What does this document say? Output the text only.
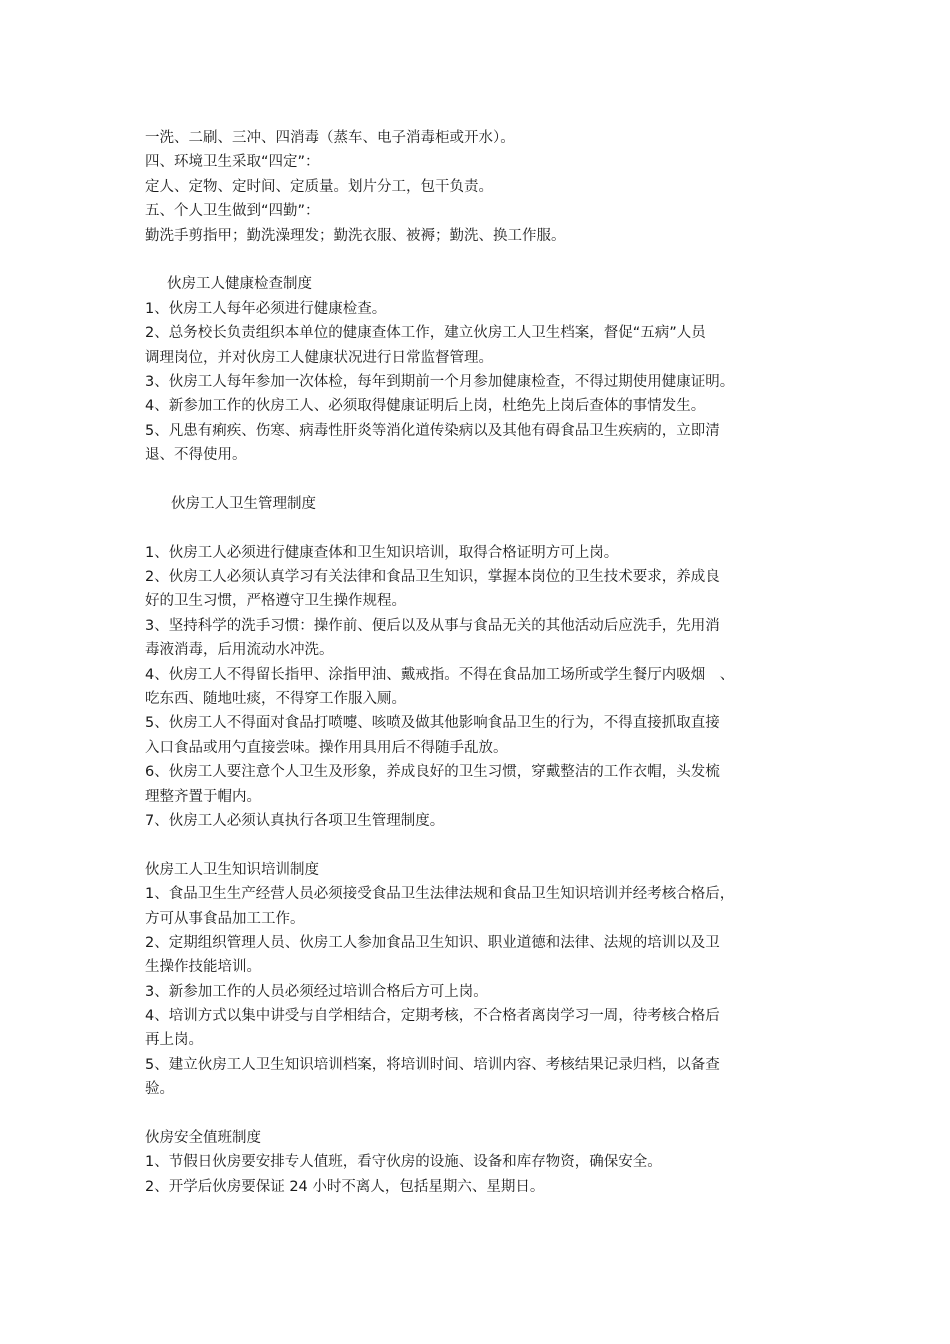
一洗、二刷、三冲、四消毒（蒸车、电子消毒柜或开水）。

四、环境卫生采取“四定”：

定人、定物、定时间、定质量。划片分工，包干负责。

五、个人卫生做到“四勤”：

勤洗手剪指甲；勤洗澡理发；勤洗衣服、被褥；勤洗、换工作服。

伙房工人健康检查制度

1、伙房工人每年必须进行健康检查。

2、总务校长负责组织本单位的健康查体工作，建立伙房工人卫生档案，督促“五病”人员

调理岗位，并对伙房工人健康状况进行日常监督管理。

3、伙房工人每年参加一次体检，每年到期前一个月参加健康检查，不得过期使用健康证明。

4、新参加工作的伙房工人、必须取得健康证明后上岗，杜绝先上岗后查体的事情发生。

5、凡患有痢疾、伤寒、病毒性肝炎等消化道传染病以及其他有碍食品卫生疾病的，立即清

退、不得使用。

伙房工人卫生管理制度

1、伙房工人必须进行健康查体和卫生知识培训，取得合格证明方可上岗。

2、伙房工人必须认真学习有关法律和食品卫生知识，掌握本岗位的卫生技术要求，养成良

好的卫生习惯，严格遵守卫生操作规程。

3、坚持科学的洗手习惯：操作前、便后以及从事与食品无关的其他活动后应洗手，先用消

毒液消毒，后用流动水冲洗。

4、伙房工人不得留长指甲、涂指甲油、戴戒指。不得在食品加工场所或学生餐厅内吸烟　、

吃东西、随地吐痰，不得穿工作服入厕。

5、伙房工人不得面对食品打喷嚏、咳喷及做其他影响食品卫生的行为，不得直接抓取直接

入口食品或用勺直接尝味。操作用具用后不得随手乱放。

6、伙房工人要注意个人卫生及形象，养成良好的卫生习惯，穿戴整洁的工作衣帽，头发梳

理整齐置于帽内。

7、伙房工人必须认真执行各项卫生管理制度。

伙房工人卫生知识培训制度

1、食品卫生生产经营人员必须接受食品卫生法律法规和食品卫生知识培训并经考核合格后，

方可从事食品加工工作。

2、定期组织管理人员、伙房工人参加食品卫生知识、职业道德和法律、法规的培训以及卫

生操作技能培训。

3、新参加工作的人员必须经过培训合格后方可上岗。

4、培训方式以集中讲受与自学相结合，定期考核，不合格者离岗学习一周，待考核合格后

再上岗。

5、建立伙房工人卫生知识培训档案，将培训时间、培训内容、考核结果记录归档，以备查

验。

伙房安全值班制度

1、节假日伙房要安排专人值班，看守伙房的设施、设备和库存物资，确保安全。

2、开学后伙房要保证 24 小时不离人，包括星期六、星期日。
